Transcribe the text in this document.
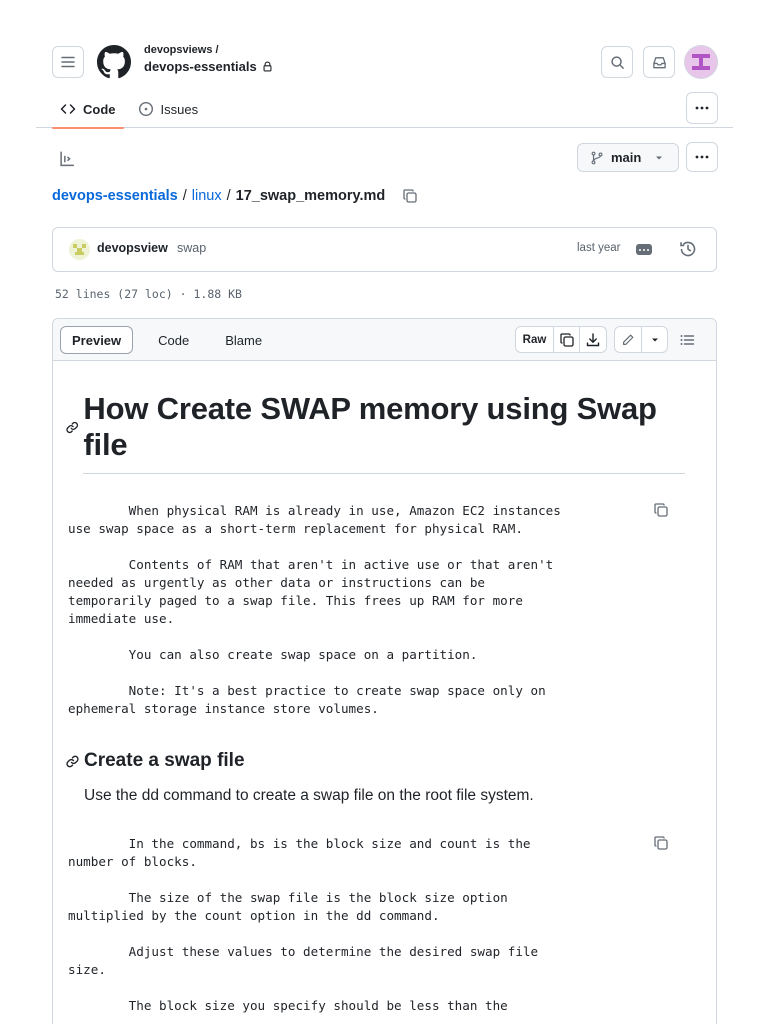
devopsviews /
devops-essentials
Code	Issues
main
devops-essentials / linux / 17_swap_memory.md
devopsview swap	last year
52 lines (27 loc) · 1.88 KB
Preview	Code	Blame	Raw
How Create SWAP memory using Swap file
When physical RAM is already in use, Amazon EC2 instances
use swap space as a short-term replacement for physical RAM.
Contents of RAM that aren't in active use or that aren't
needed as urgently as other data or instructions can be
temporarily paged to a swap file. This frees up RAM for more
immediate use.
You can also create swap space on a partition.
Note: It's a best practice to create swap space only on
ephemeral storage instance store volumes.
Create a swap file

Use the dd command to create a swap file on the root file system.

In the command, bs is the block size and count is the
number of blocks.
The size of the swap file is the block size option
multiplied by the count option in the dd command.
Adjust these values to determine the desired swap file
size.
The block size you specify should be less than the
